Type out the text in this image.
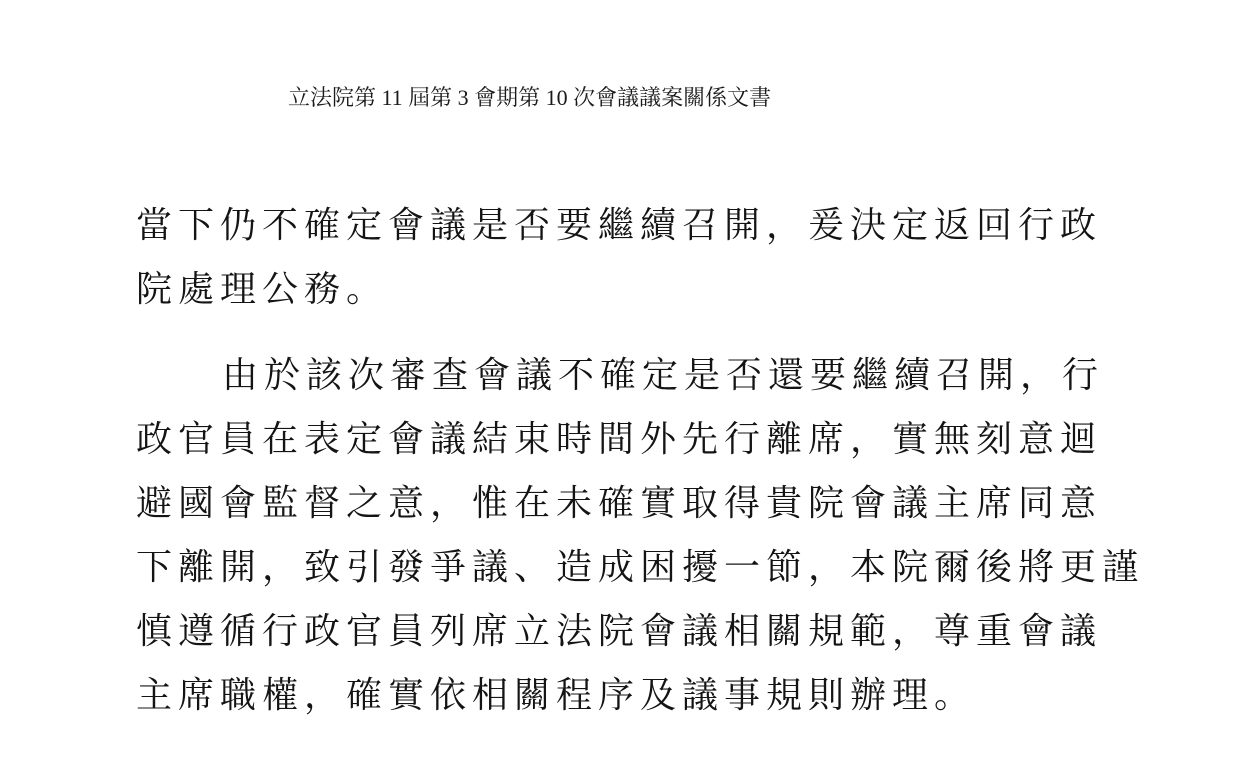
立法院第 11 屆第 3 會期第 10 次會議議案關係文書
當下仍不確定會議是否要繼續召開，爰決定返回行政
院處理公務。
由於該次審查會議不確定是否還要繼續召開，行
政官員在表定會議結束時間外先行離席，實無刻意迴
避國會監督之意，惟在未確實取得貴院會議主席同意
下離開，致引發爭議、造成困擾一節，本院爾後將更謹
慎遵循行政官員列席立法院會議相關規範，尊重會議
主席職權，確實依相關程序及議事規則辦理。
